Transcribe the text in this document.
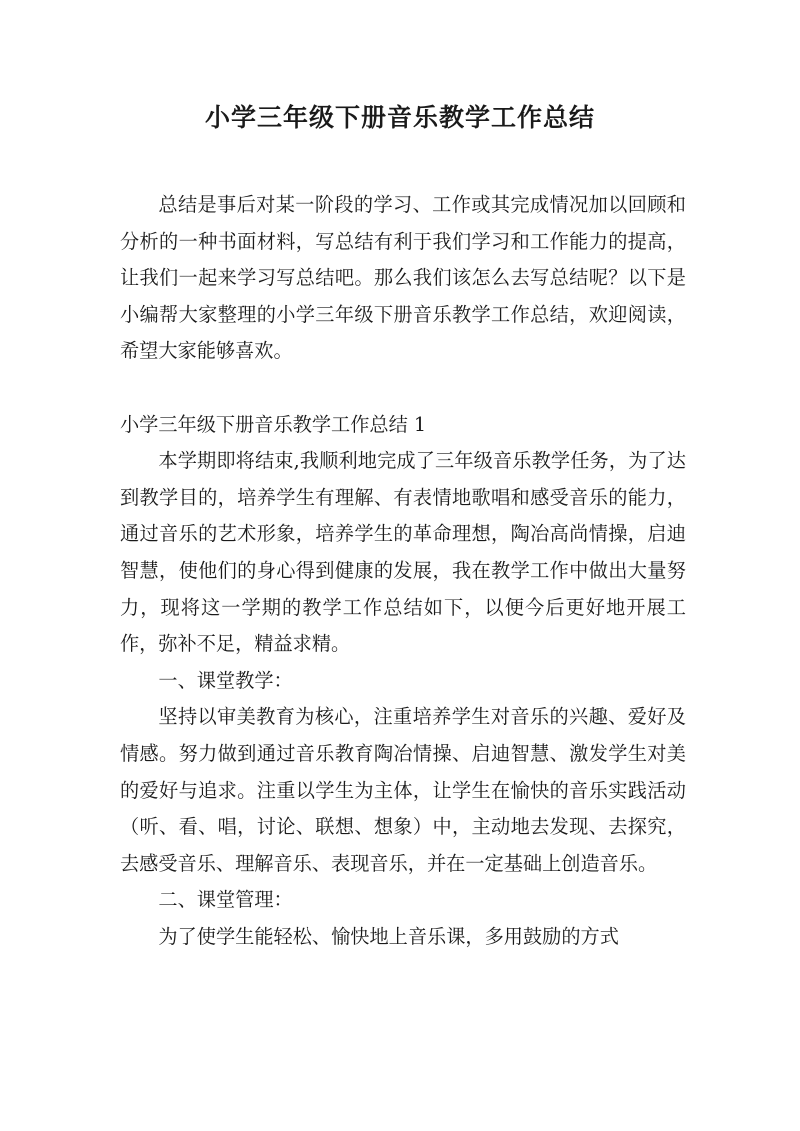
小学三年级下册音乐教学工作总结

总结是事后对某一阶段的学习、工作或其完成情况加以回顾和分析的一种书面材料，写总结有利于我们学习和工作能力的提高，让我们一起来学习写总结吧。那么我们该怎么去写总结呢？以下是小编帮大家整理的小学三年级下册音乐教学工作总结，欢迎阅读，希望大家能够喜欢。

小学三年级下册音乐教学工作总结 1

本学期即将结束,我顺利地完成了三年级音乐教学任务，为了达到教学目的，培养学生有理解、有表情地歌唱和感受音乐的能力，通过音乐的艺术形象，培养学生的革命理想，陶冶高尚情操，启迪智慧，使他们的身心得到健康的发展，我在教学工作中做出大量努力，现将这一学期的教学工作总结如下，以便今后更好地开展工作，弥补不足，精益求精。

一、课堂教学：

坚持以审美教育为核心，注重培养学生对音乐的兴趣、爱好及情感。努力做到通过音乐教育陶冶情操、启迪智慧、激发学生对美的爱好与追求。注重以学生为主体，让学生在愉快的音乐实践活动（听、看、唱，讨论、联想、想象）中，主动地去发现、去探究，去感受音乐、理解音乐、表现音乐，并在一定基础上创造音乐。

二、课堂管理：

为了使学生能轻松、愉快地上音乐课，多用鼓励的方式
